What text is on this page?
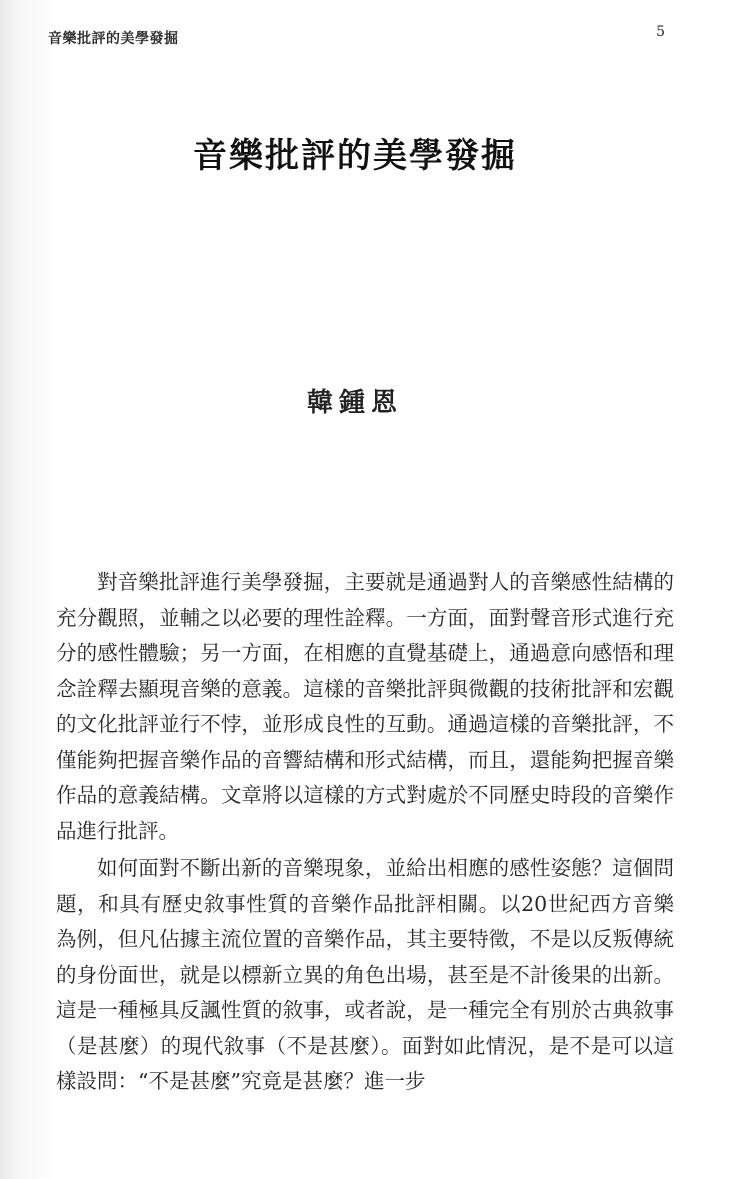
音樂批評的美學發掘	5
音樂批評的美學發掘
韓鍾恩

對音樂批評進行美學發掘，主要就是通過對人的音樂感性結構的充分觀照，並輔之以必要的理性詮釋。一方面，面對聲音形式進行充分的感性體驗；另一方面，在相應的直覺基礎上，通過意向感悟和理念詮釋去顯現音樂的意義。這樣的音樂批評與微觀的技術批評和宏觀的文化批評並行不悖，並形成良性的互動。通過這樣的音樂批評，不僅能夠把握音樂作品的音響結構和形式結構，而且，還能夠把握音樂作品的意義結構。文章將以這樣的方式對處於不同歷史時段的音樂作品進行批評。

如何面對不斷出新的音樂現象，並給出相應的感性姿態？這個問題，和具有歷史敘事性質的音樂作品批評相關。以20世紀西方音樂為例，但凡佔據主流位置的音樂作品，其主要特徵，不是以反叛傳統的身份面世，就是以標新立異的角色出場，甚至是不計後果的出新。這是一種極具反諷性質的敘事，或者說，是一種完全有別於古典敘事（是甚麼）的現代敘事（不是甚麼）。面對如此情況，是不是可以這樣設問：“不是甚麼”究竟是甚麼？進一步
